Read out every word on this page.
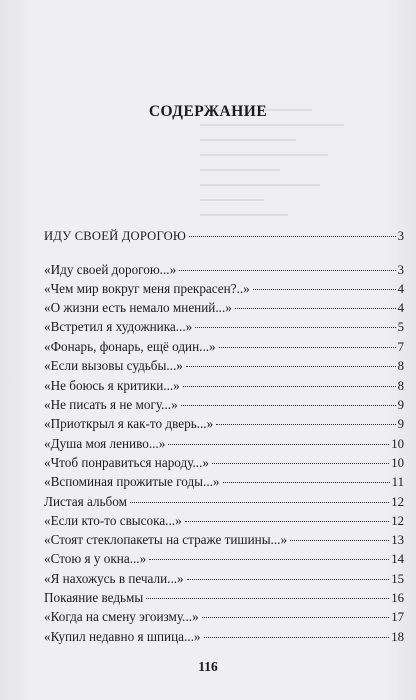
СОДЕРЖАНИЕ
ИДУ СВОЕЙ ДОРОГОЮ	3
«Иду своей дорогою...»	3
«Чем мир вокруг меня прекрасен?..»	4
«О жизни есть немало мнений...»	4
«Встретил я художника...»	5
«Фонарь, фонарь, ещё один...»	7
«Если вызовы судьбы...»	8
«Не боюсь я критики...»	8
«Не писать я не могу...»	9
«Приоткрыл я как-то дверь...»	9
«Душа моя лениво...»	10
«Чтоб понравиться народу...»	10
«Вспоминая прожитые годы...»	11
Листая альбом	12
«Если кто-то свысока...»	12
«Стоят стеклопакеты на страже тишины...»	13
«Стою я у окна...»	14
«Я нахожусь в печали...»	15
Покаяние ведьмы	16
«Когда на смену эгоизму...»	17
«Купил недавно я шпица...»	18
116
